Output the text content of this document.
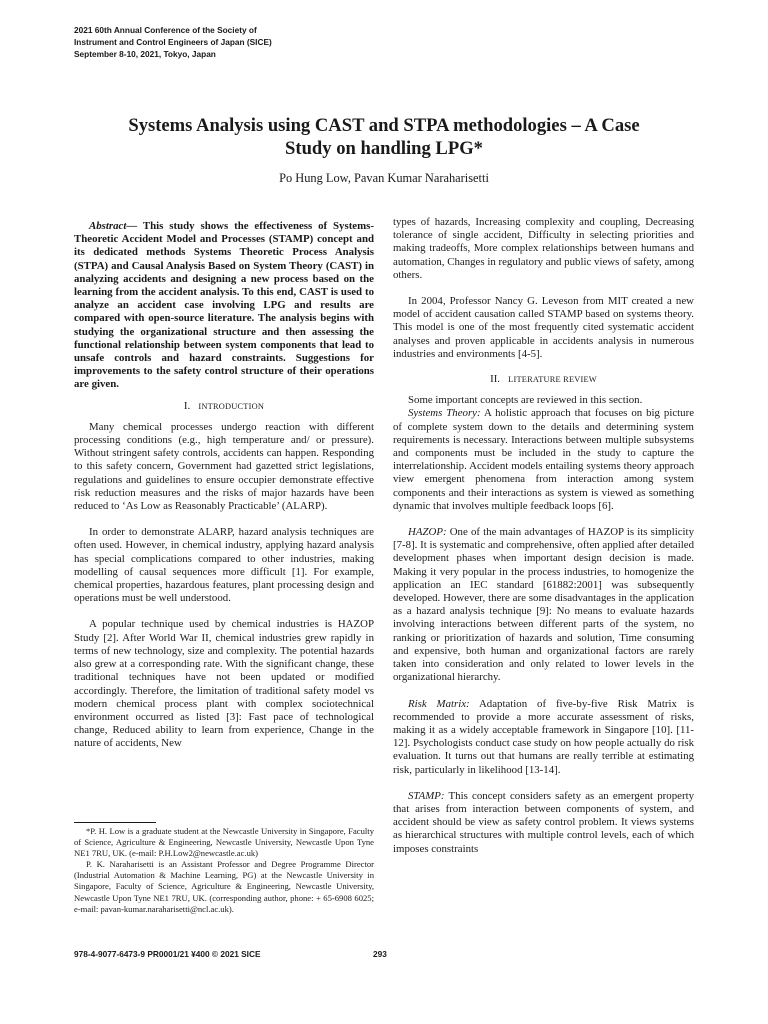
2021 60th Annual Conference of the Society of
Instrument and Control Engineers of Japan (SICE)
September 8-10, 2021, Tokyo, Japan
Systems Analysis using CAST and STPA methodologies – A Case
Study on handling LPG*
Po Hung Low, Pavan Kumar Naraharisetti

Abstract— This study shows the effectiveness of Systems-Theoretic Accident Model and Processes (STAMP) concept and its dedicated methods Systems Theoretic Process Analysis (STPA) and Causal Analysis Based on System Theory (CAST) in analyzing accidents and designing a new process based on the learning from the accident analysis. To this end, CAST is used to analyze an accident case involving LPG and results are compared with open-source literature. The analysis begins with studying the organizational structure and then assessing the functional relationship between system components that lead to unsafe controls and hazard constraints. Suggestions for improvements to the safety control structure of their operations are given.

I. INTRODUCTION

Many chemical processes undergo reaction with different processing conditions (e.g., high temperature and/ or pressure). Without stringent safety controls, accidents can happen. Responding to this safety concern, Government had gazetted strict legislations, regulations and guidelines to ensure occupier demonstrate effective risk reduction measures and the risks of major hazards have been reduced to ‘As Low as Reasonably Practicable’ (ALARP).

In order to demonstrate ALARP, hazard analysis techniques are often used. However, in chemical industry, applying hazard analysis has special complications compared to other industries, making modelling of causal sequences more difficult [1]. For example, chemical properties, hazardous features, plant processing design and operations must be well understood.

A popular technique used by chemical industries is HAZOP Study [2]. After World War II, chemical industries grew rapidly in terms of new technology, size and complexity. The potential hazards also grew at a corresponding rate. With the significant change, these traditional techniques have not been updated or modified accordingly. Therefore, the limitation of traditional safety model vs modern chemical process plant with complex sociotechnical environment occurred as listed [3]: Fast pace of technological change, Reduced ability to learn from experience, Change in the nature of accidents, New

types of hazards, Increasing complexity and coupling, Decreasing tolerance of single accident, Difficulty in selecting priorities and making tradeoffs, More complex relationships between humans and automation, Changes in regulatory and public views of safety, among others.

In 2004, Professor Nancy G. Leveson from MIT created a new model of accident causation called STAMP based on systems theory. This model is one of the most frequently cited systematic accident analyses and proven applicable in accidents analysis in numerous industries and environments [4-5].

II. LITERATURE REVIEW

Some important concepts are reviewed in this section.

Systems Theory: A holistic approach that focuses on big picture of complete system down to the details and determining system requirements is necessary. Interactions between multiple subsystems and components must be included in the study to capture the interrelationship. Accident models entailing systems theory approach view emergent phenomena from interaction among system components and their interactions as system is viewed as something dynamic that involves multiple feedback loops [6].

HAZOP: One of the main advantages of HAZOP is its simplicity [7-8]. It is systematic and comprehensive, often applied after detailed development phases when important design decision is made. Making it very popular in the process industries, to homogenize the application an IEC standard [61882:2001] was subsequently developed. However, there are some disadvantages in the application as a hazard analysis technique [9]: No means to evaluate hazards involving interactions between different parts of the system, no ranking or prioritization of hazards and solution, Time consuming and expensive, both human and organizational factors are rarely taken into consideration and only related to lower levels in the organizational hierarchy.

Risk Matrix: Adaptation of five-by-five Risk Matrix is recommended to provide a more accurate assessment of risks, making it as a widely acceptable framework in Singapore [10]. [11-12]. Psychologists conduct case study on how people actually do risk evaluation. It turns out that humans are really terrible at estimating risk, particularly in likelihood [13-14].

STAMP: This concept considers safety as an emergent property that arises from interaction between components of system, and accident should be view as safety control problem. It views systems as hierarchical structures with multiple control levels, each of which imposes constraints

*P. H. Low is a graduate student at the Newcastle University in Singapore, Faculty of Science, Agriculture & Engineering, Newcastle University, Newcastle Upon Tyne NE1 7RU, UK. (e-mail: P.H.Low2@newcastle.ac.uk)

P. K. Naraharisetti is an Assistant Professor and Degree Programme Director (Industrial Automation & Machine Learning, PG) at the Newcastle University in Singapore, Faculty of Science, Agriculture & Engineering, Newcastle University, Newcastle Upon Tyne NE1 7RU, UK. (corresponding author, phone: + 65-6908 6025; e-mail: pavan-kumar.naraharisetti@ncl.ac.uk).

978-4-9077-6473-9 PR0001/21 ¥400 © 2021 SICE	293
